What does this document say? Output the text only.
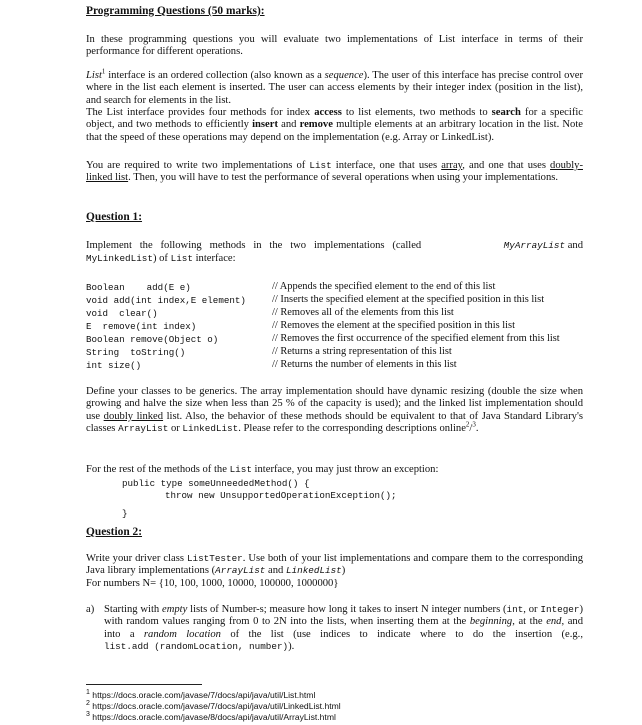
Programming Questions (50 marks):
In these programming questions you will evaluate two implementations of List interface in terms of their performance for different operations.
List$^1$ interface is an ordered collection (also known as a sequence). The user of this interface has precise control over where in the list each element is inserted. The user can access elements by their integer index (position in the list), and search for elements in the list.
The List interface provides four methods for index access to list elements, two methods to search for a specific object, and two methods to efficiently insert and remove multiple elements at an arbitrary location in the list. Note that the speed of these operations may depend on the implementation (e.g. Array or LinkedList).
You are required to write two implementations of List interface, one that uses array, and one that uses doubly-linked list. Then, you will have to test the performance of several operations when using your implementations.
Question 1:
Implement the following methods in the two implementations (called	MyArrayList and
MyLinkedList) of List interface:
Boolean    add(E e)	// Appends the specified element to the end of this list
void add(int index,E element)	// Inserts the specified element at the specified position in this list
void  clear()	// Removes all of the elements from this list
E  remove(int index)	// Removes the element at the specified position in this list
Boolean remove(Object o)	// Removes the first occurrence of the specified element from this list
String  toString()	// Returns a string representation of this list
int size()	// Returns the number of elements in this list
Define your classes to be generics. The array implementation should have dynamic resizing (double the size when growing and halve the size when less than 25 % of the capacity is used); and the linked list implementation should use doubly linked list. Also, the behavior of these methods should be equivalent to that of Java Standard Library's classes ArrayList or LinkedList. Please refer to the corresponding descriptions online$^2$/$^3$.
For the rest of the methods of the List interface, you may just throw an exception:
public type someUnneededMethod() {
throw new UnsupportedOperationException();
}
Question 2:
Write your driver class ListTester. Use both of your list implementations and compare them to the corresponding Java library implementations (ArrayList and LinkedList)
For numbers N= {10, 100, 1000, 10000, 100000, 1000000}
a) Starting with empty lists of Number-s; measure how long it takes to insert N integer numbers (int, or Integer) with random values ranging from 0 to 2N into the lists, when inserting them at the beginning, at the end, and into a random location of the list (use indices to indicate where to do the insertion (e.g., list.add (randomLocation, number)).
$^1$ https://docs.oracle.com/javase/7/docs/api/java/util/List.html
$^2$ https://docs.oracle.com/javase/7/docs/api/java/util/LinkedList.html
$^3$ https://docs.oracle.com/javase/8/docs/api/java/util/ArrayList.html
